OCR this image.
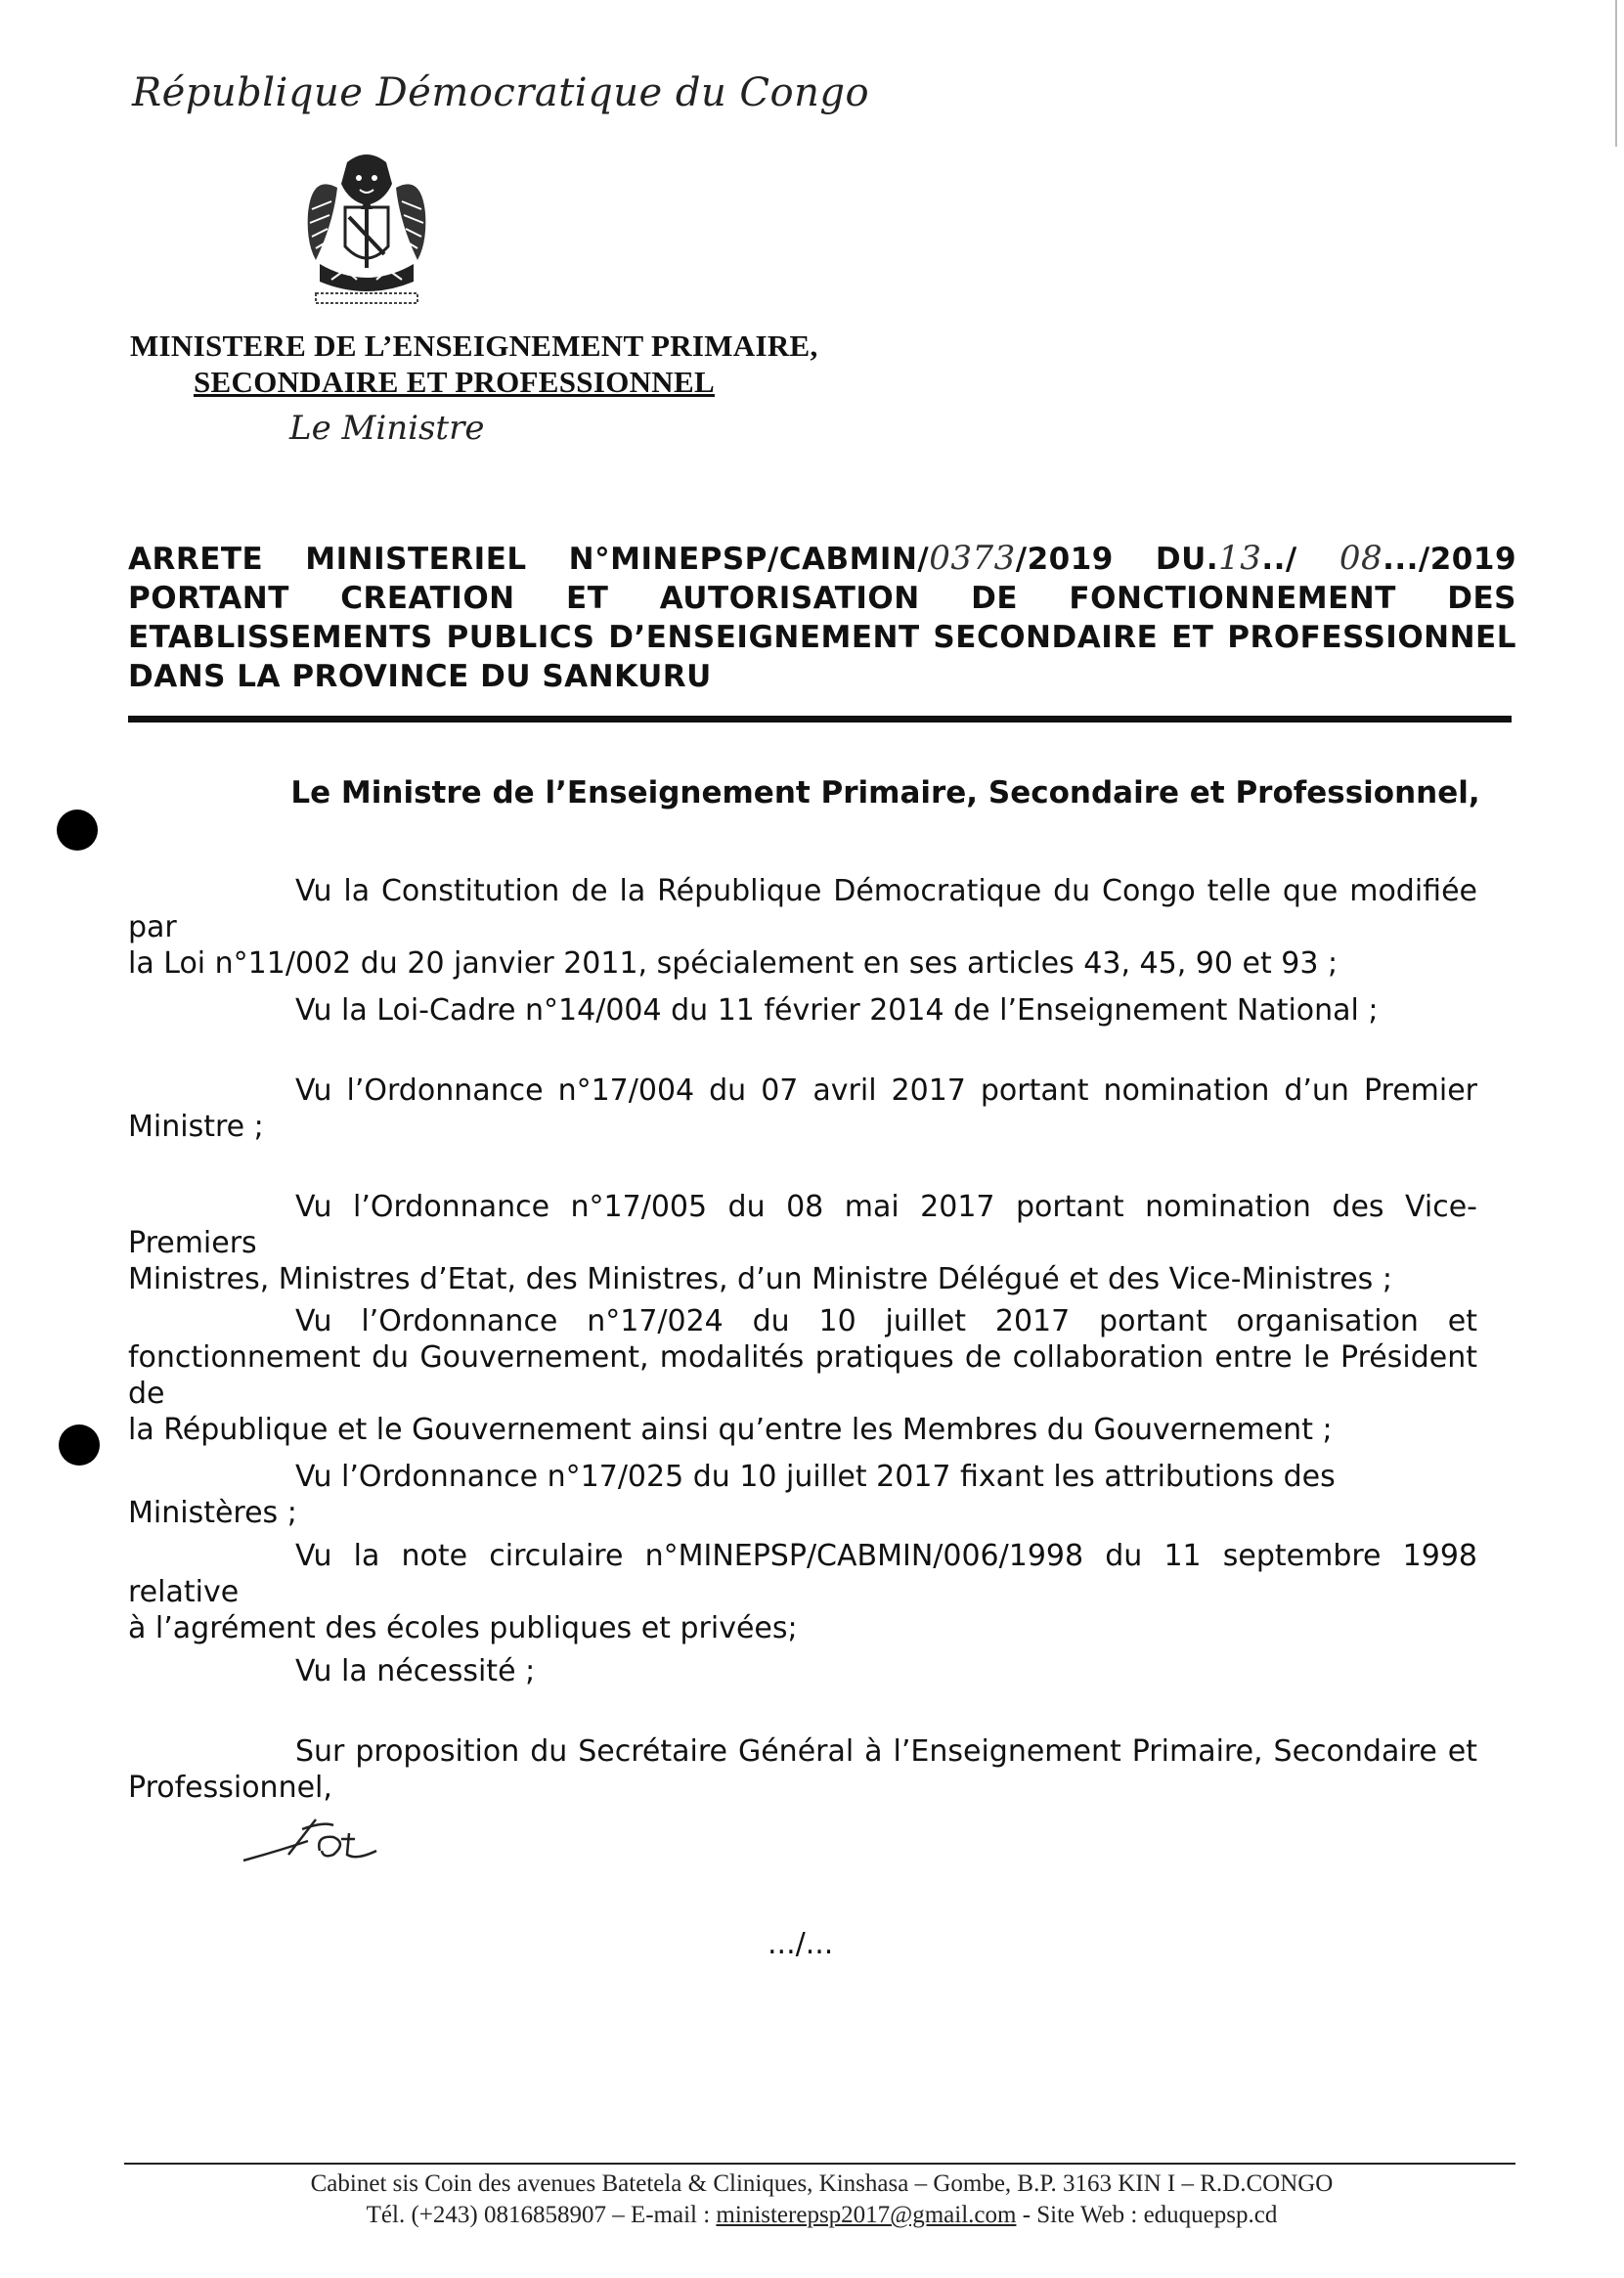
République Démocratique du Congo
MINISTERE DE L’ENSEIGNEMENT PRIMAIRE,
SECONDAIRE ET PROFESSIONNEL
Le Ministre
ARRETE MINISTERIEL N°MINEPSP/CABMIN/0373/2019 DU.13../ 08.../2019
PORTANT CREATION ET AUTORISATION DE FONCTIONNEMENT DES
ETABLISSEMENTS PUBLICS D’ENSEIGNEMENT SECONDAIRE ET PROFESSIONNEL
DANS LA PROVINCE DU SANKURU
Le Ministre de l’Enseignement Primaire, Secondaire et Professionnel,
Vu la Constitution de la République Démocratique du Congo telle que modifiée par
la Loi n°11/002 du 20 janvier 2011, spécialement en ses articles 43, 45, 90 et 93 ;
Vu la Loi-Cadre n°14/004 du 11 février 2014 de l’Enseignement National ;
Vu l’Ordonnance n°17/004 du 07 avril 2017 portant nomination d’un Premier
Ministre ;
Vu l’Ordonnance n°17/005 du 08 mai 2017 portant nomination des Vice-Premiers
Ministres, Ministres d’Etat, des Ministres, d’un Ministre Délégué et des Vice-Ministres ;
Vu l’Ordonnance n°17/024 du 10 juillet 2017 portant organisation et
fonctionnement du Gouvernement, modalités pratiques de collaboration entre le Président de
la République et le Gouvernement ainsi qu’entre les Membres du Gouvernement ;
Vu l’Ordonnance n°17/025 du 10 juillet 2017 fixant les attributions des Ministères ;
Vu la note circulaire n°MINEPSP/CABMIN/006/1998 du 11 septembre 1998 relative
à l’agrément des écoles publiques et privées;
Vu la nécessité ;
Sur proposition du Secrétaire Général à l’Enseignement Primaire, Secondaire et
Professionnel,
.../...
Cabinet sis Coin des avenues Batetela & Cliniques, Kinshasa – Gombe, B.P. 3163 KIN I – R.D.CONGO
Tél. (+243) 0816858907 – E-mail : ministerepsp2017@gmail.com - Site Web : eduquepsp.cd
